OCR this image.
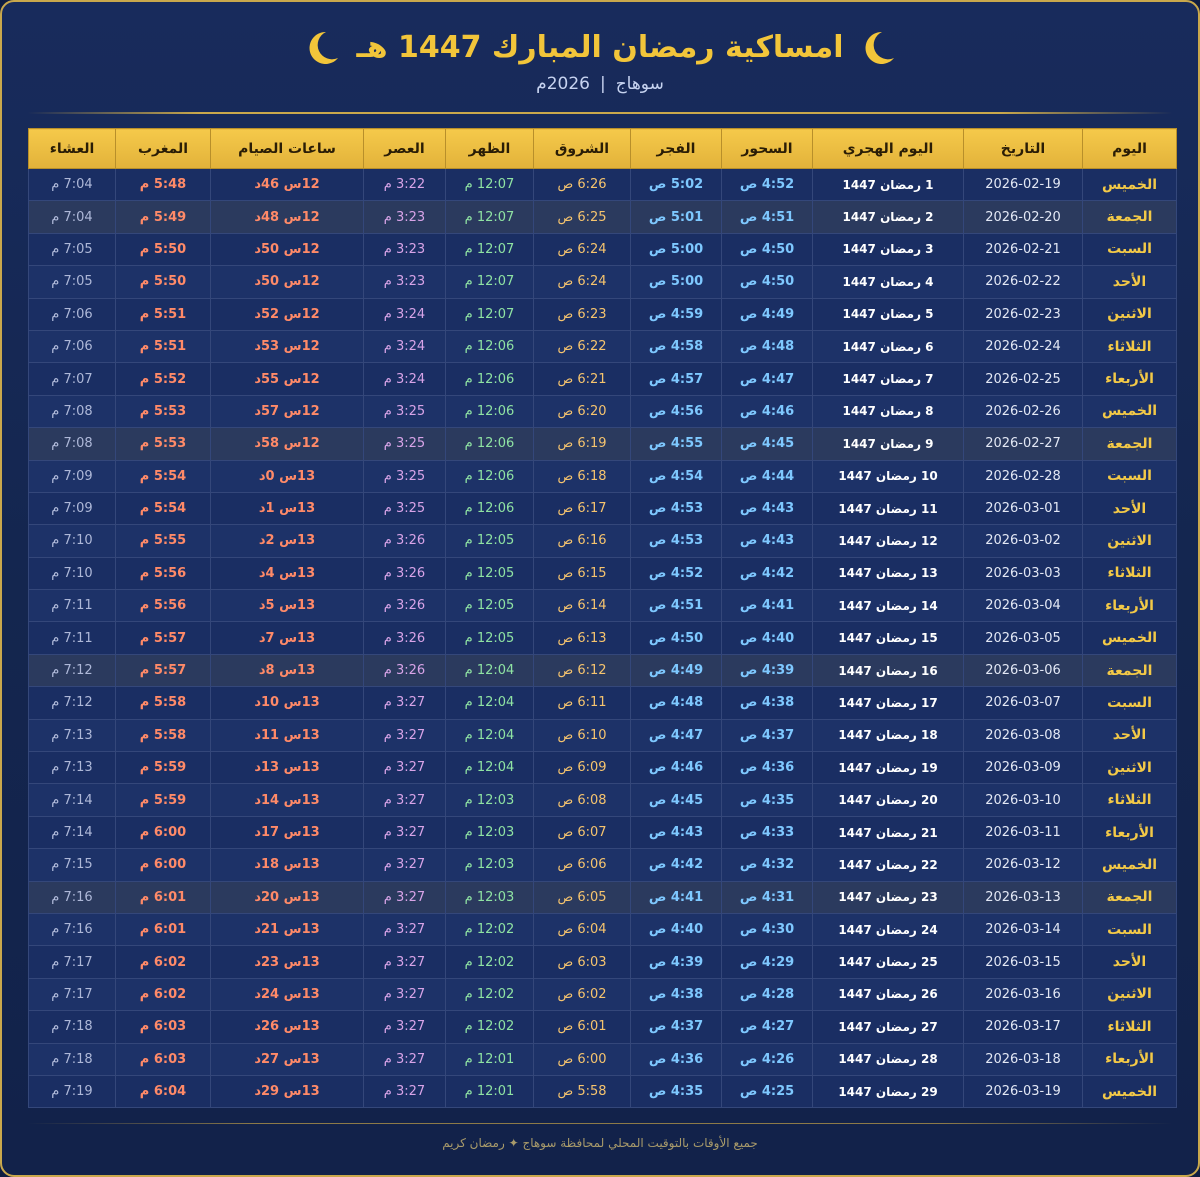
امساكية رمضان المبارك 1447 هـ
سوهاج|2026م
اليوم	التاريخ	اليوم الهجري	السحور	الفجر	الشروق	الظهر	العصر	ساعات الصيام	المغرب	العشاء
الخميس	2026-02-19	1 رمضان 1447	4:52 ص	5:02 ص	6:26 ص	12:07 م	3:22 م	12س 46د	5:48 م	7:04 م
الجمعة	2026-02-20	2 رمضان 1447	4:51 ص	5:01 ص	6:25 ص	12:07 م	3:23 م	12س 48د	5:49 م	7:04 م
السبت	2026-02-21	3 رمضان 1447	4:50 ص	5:00 ص	6:24 ص	12:07 م	3:23 م	12س 50د	5:50 م	7:05 م
الأحد	2026-02-22	4 رمضان 1447	4:50 ص	5:00 ص	6:24 ص	12:07 م	3:23 م	12س 50د	5:50 م	7:05 م
الاثنين	2026-02-23	5 رمضان 1447	4:49 ص	4:59 ص	6:23 ص	12:07 م	3:24 م	12س 52د	5:51 م	7:06 م
الثلاثاء	2026-02-24	6 رمضان 1447	4:48 ص	4:58 ص	6:22 ص	12:06 م	3:24 م	12س 53د	5:51 م	7:06 م
الأربعاء	2026-02-25	7 رمضان 1447	4:47 ص	4:57 ص	6:21 ص	12:06 م	3:24 م	12س 55د	5:52 م	7:07 م
الخميس	2026-02-26	8 رمضان 1447	4:46 ص	4:56 ص	6:20 ص	12:06 م	3:25 م	12س 57د	5:53 م	7:08 م
الجمعة	2026-02-27	9 رمضان 1447	4:45 ص	4:55 ص	6:19 ص	12:06 م	3:25 م	12س 58د	5:53 م	7:08 م
السبت	2026-02-28	10 رمضان 1447	4:44 ص	4:54 ص	6:18 ص	12:06 م	3:25 م	13س 0د	5:54 م	7:09 م
الأحد	2026-03-01	11 رمضان 1447	4:43 ص	4:53 ص	6:17 ص	12:06 م	3:25 م	13س 1د	5:54 م	7:09 م
الاثنين	2026-03-02	12 رمضان 1447	4:43 ص	4:53 ص	6:16 ص	12:05 م	3:26 م	13س 2د	5:55 م	7:10 م
الثلاثاء	2026-03-03	13 رمضان 1447	4:42 ص	4:52 ص	6:15 ص	12:05 م	3:26 م	13س 4د	5:56 م	7:10 م
الأربعاء	2026-03-04	14 رمضان 1447	4:41 ص	4:51 ص	6:14 ص	12:05 م	3:26 م	13س 5د	5:56 م	7:11 م
الخميس	2026-03-05	15 رمضان 1447	4:40 ص	4:50 ص	6:13 ص	12:05 م	3:26 م	13س 7د	5:57 م	7:11 م
الجمعة	2026-03-06	16 رمضان 1447	4:39 ص	4:49 ص	6:12 ص	12:04 م	3:26 م	13س 8د	5:57 م	7:12 م
السبت	2026-03-07	17 رمضان 1447	4:38 ص	4:48 ص	6:11 ص	12:04 م	3:27 م	13س 10د	5:58 م	7:12 م
الأحد	2026-03-08	18 رمضان 1447	4:37 ص	4:47 ص	6:10 ص	12:04 م	3:27 م	13س 11د	5:58 م	7:13 م
الاثنين	2026-03-09	19 رمضان 1447	4:36 ص	4:46 ص	6:09 ص	12:04 م	3:27 م	13س 13د	5:59 م	7:13 م
الثلاثاء	2026-03-10	20 رمضان 1447	4:35 ص	4:45 ص	6:08 ص	12:03 م	3:27 م	13س 14د	5:59 م	7:14 م
الأربعاء	2026-03-11	21 رمضان 1447	4:33 ص	4:43 ص	6:07 ص	12:03 م	3:27 م	13س 17د	6:00 م	7:14 م
الخميس	2026-03-12	22 رمضان 1447	4:32 ص	4:42 ص	6:06 ص	12:03 م	3:27 م	13س 18د	6:00 م	7:15 م
الجمعة	2026-03-13	23 رمضان 1447	4:31 ص	4:41 ص	6:05 ص	12:03 م	3:27 م	13س 20د	6:01 م	7:16 م
السبت	2026-03-14	24 رمضان 1447	4:30 ص	4:40 ص	6:04 ص	12:02 م	3:27 م	13س 21د	6:01 م	7:16 م
الأحد	2026-03-15	25 رمضان 1447	4:29 ص	4:39 ص	6:03 ص	12:02 م	3:27 م	13س 23د	6:02 م	7:17 م
الاثنين	2026-03-16	26 رمضان 1447	4:28 ص	4:38 ص	6:02 ص	12:02 م	3:27 م	13س 24د	6:02 م	7:17 م
الثلاثاء	2026-03-17	27 رمضان 1447	4:27 ص	4:37 ص	6:01 ص	12:02 م	3:27 م	13س 26د	6:03 م	7:18 م
الأربعاء	2026-03-18	28 رمضان 1447	4:26 ص	4:36 ص	6:00 ص	12:01 م	3:27 م	13س 27د	6:03 م	7:18 م
الخميس	2026-03-19	29 رمضان 1447	4:25 ص	4:35 ص	5:58 ص	12:01 م	3:27 م	13س 29د	6:04 م	7:19 م
جميع الأوقات بالتوقيت المحلي لمحافظة سوهاج ✦ رمضان كريم
